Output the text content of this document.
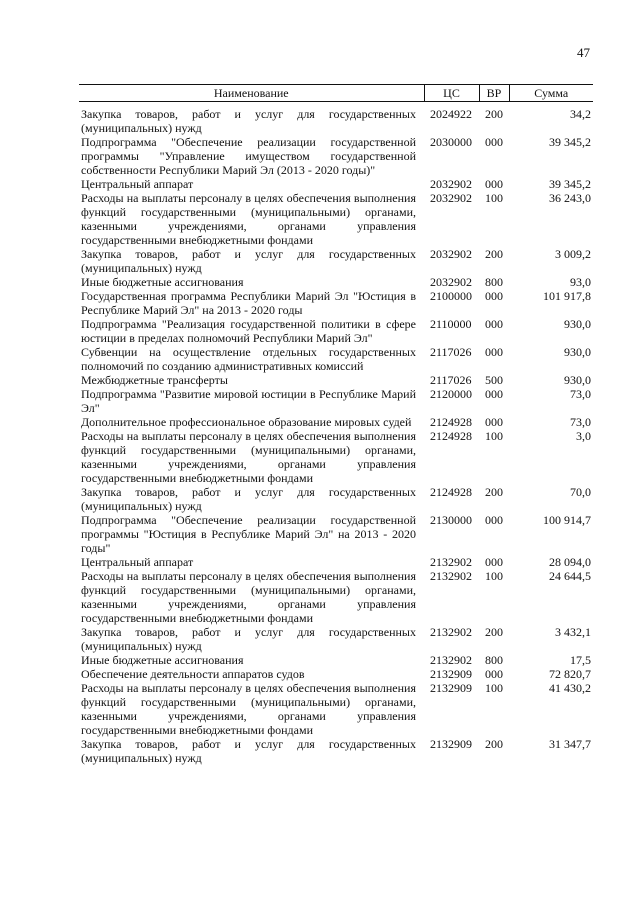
47
Наименование	ЦС	ВР	Сумма

Закупка товаров, работ и услуг для государственных (муниципальных) нужд	2024922	200	34,2
Подпрограмма "Обеспечение реализации государственной программы "Управление имуществом государственной собственности Республики Марий Эл (2013 - 2020 годы)"	2030000	000	39 345,2
Центральный аппарат	2032902	000	39 345,2
Расходы на выплаты персоналу в целях обеспечения выполнения функций государственными (муниципальными) органами, казенными учреждениями, органами управления государственными внебюджетными фондами	2032902	100	36 243,0
Закупка товаров, работ и услуг для государственных (муниципальных) нужд	2032902	200	3 009,2
Иные бюджетные ассигнования	2032902	800	93,0
Государственная программа Республики Марий Эл "Юстиция в Республике Марий Эл" на 2013 - 2020 годы	2100000	000	101 917,8
Подпрограмма "Реализация государственной политики в сфере юстиции в пределах полномочий Республики Марий Эл"	2110000	000	930,0
Субвенции на осуществление отдельных государственных полномочий по созданию административных комиссий	2117026	000	930,0
Межбюджетные трансферты	2117026	500	930,0
Подпрограмма "Развитие мировой юстиции в Республике Марий Эл"	2120000	000	73,0
Дополнительное профессиональное образование мировых судей	2124928	000	73,0
Расходы на выплаты персоналу в целях обеспечения выполнения функций государственными (муниципальными) органами, казенными учреждениями, органами управления государственными внебюджетными фондами	2124928	100	3,0
Закупка товаров, работ и услуг для государственных (муниципальных) нужд	2124928	200	70,0
Подпрограмма "Обеспечение реализации государственной программы "Юстиция в Республике Марий Эл" на 2013 - 2020 годы"	2130000	000	100 914,7
Центральный аппарат	2132902	000	28 094,0
Расходы на выплаты персоналу в целях обеспечения выполнения функций государственными (муниципальными) органами, казенными учреждениями, органами управления государственными внебюджетными фондами	2132902	100	24 644,5
Закупка товаров, работ и услуг для государственных (муниципальных) нужд	2132902	200	3 432,1
Иные бюджетные ассигнования	2132902	800	17,5
Обеспечение деятельности аппаратов судов	2132909	000	72 820,7
Расходы на выплаты персоналу в целях обеспечения выполнения функций государственными (муниципальными) органами, казенными учреждениями, органами управления государственными внебюджетными фондами	2132909	100	41 430,2
Закупка товаров, работ и услуг для государственных (муниципальных) нужд	2132909	200	31 347,7
